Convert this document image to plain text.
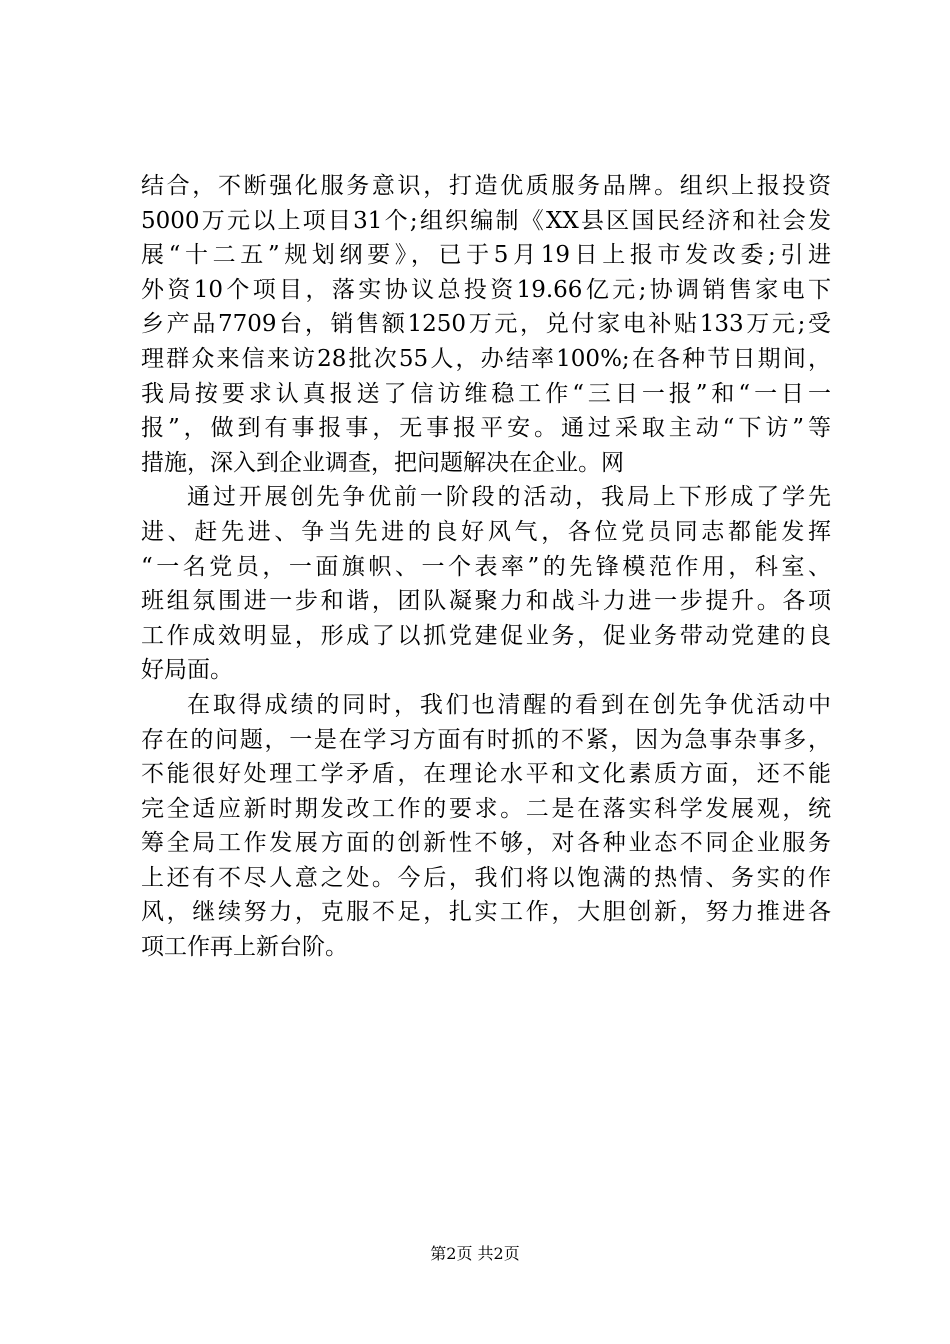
结合，不断强化服务意识，打造优质服务品牌。组织上报投资
5000万元以上项目31个;组织编制《XX县区国民经济和社会发
展“十二五”规划纲要》，已于5月19日上报市发改委;引进
外资10个项目，落实协议总投资19.66亿元;协调销售家电下
乡产品7709台，销售额1250万元，兑付家电补贴133万元;受
理群众来信来访28批次55人，办结率100%;在各种节日期间，
我局按要求认真报送了信访维稳工作“三日一报”和“一日一
报”，做到有事报事，无事报平安。通过采取主动“下访”等
措施，深入到企业调查，把问题解决在企业。网
通过开展创先争优前一阶段的活动，我局上下形成了学先
进、赶先进、争当先进的良好风气，各位党员同志都能发挥
“一名党员，一面旗帜、一个表率”的先锋模范作用，科室、
班组氛围进一步和谐，团队凝聚力和战斗力进一步提升。各项
工作成效明显，形成了以抓党建促业务，促业务带动党建的良
好局面。
在取得成绩的同时，我们也清醒的看到在创先争优活动中
存在的问题，一是在学习方面有时抓的不紧，因为急事杂事多，
不能很好处理工学矛盾，在理论水平和文化素质方面，还不能
完全适应新时期发改工作的要求。二是在落实科学发展观，统
筹全局工作发展方面的创新性不够，对各种业态不同企业服务
上还有不尽人意之处。今后，我们将以饱满的热情、务实的作
风，继续努力，克服不足，扎实工作，大胆创新，努力推进各
项工作再上新台阶。
第2页 共2页
